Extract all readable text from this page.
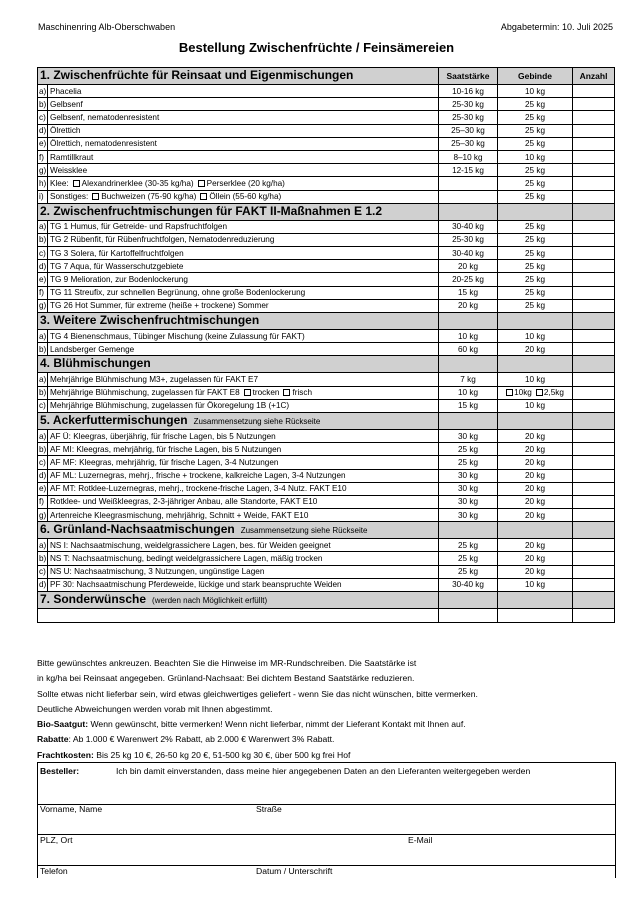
Maschinenring Alb-Oberschwaben	Abgabetermin: 10. Juli 2025
Bestellung Zwischenfrüchte / Feinsämereien
1. Zwischenfrüchte für Reinsaat und Eigenmischungen		Saatstärke	Gebinde	Anzahl
a)	Phacelia	10-16 kg	10 kg	
b)	Gelbsenf	25-30 kg	25 kg	
c)	Gelbsenf, nematodenresistent	25-30 kg	25 kg	
d)	Ölrettich	25–30 kg	25 kg	
e)	Ölrettich, nematodenresistent	25–30 kg	25 kg	
f)	Ramtillkraut	8–10 kg	10 kg	
g)	Weissklee	12-15 kg	25 kg	
h)	Klee: Alexandrinerklee (30-35 kg/ha) Perserklee (20 kg/ha)		25 kg	
i)	Sonstiges: Buchweizen (75-90 kg/ha) Öllein (55-60 kg/ha)		25 kg	
2. Zwischenfruchtmischungen für FAKT II-Maßnahmen E 1.2				
a)	TG 1 Humus, für Getreide- und Rapsfruchtfolgen	30-40 kg	25 kg	
b)	TG 2 Rübenfit, für Rübenfruchtfolgen, Nematodenreduzierung	25-30 kg	25 kg	
c)	TG 3 Solera, für Kartoffelfruchtfolgen	30-40 kg	25 kg	
d)	TG 7 Aqua, für Wasserschutzgebiete	20 kg	25 kg	
e)	TG 9 Melioration, zur Bodenlockerung	20-25 kg	25 kg	
f)	TG 11 Streufix, zur schnellen Begrünung, ohne große Bodenlockerung	15 kg	25 kg	
g)	TG 26 Hot Summer, für extreme (heiße + trockene) Sommer	20 kg	25 kg	
3. Weitere Zwischenfruchtmischungen				
a)	TG 4 Bienenschmaus, Tübinger Mischung (keine Zulassung für FAKT)	10 kg	10 kg	
b)	Landsberger Gemenge	60 kg	20 kg	
4. Blühmischungen				
a)	Mehrjährige Blühmischung M3+, zugelassen für FAKT E7	7 kg	10 kg	
b)	Mehrjährige Blühmischung, zugelassen für FAKT E8 trocken frisch	10 kg	10kg 2,5kg	
c)	Mehrjährige Blühmischung, zugelassen für Ökoregelung 1B (+1C)	15 kg	10 kg	
5. Ackerfuttermischungen Zusammensetzung siehe Rückseite				
a)	AF Ü: Kleegras, überjährig, für frische Lagen, bis 5 Nutzungen	30 kg	20 kg	
b)	AF MI: Kleegras, mehrjährig, für frische Lagen, bis 5 Nutzungen	25 kg	20 kg	
c)	AF MF: Kleegras, mehrjährig, für frische Lagen, 3-4 Nutzungen	25 kg	20 kg	
d)	AF ML: Luzernegras, mehrj., frische + trockene, kalkreiche Lagen, 3-4 Nutzungen	30 kg	20 kg	
e)	AF MT: Rotklee-Luzernegras, mehrj., trockene-frische Lagen, 3-4 Nutz. FAKT E10	30 kg	20 kg	
f)	Rotklee- und Weißkleegras, 2-3-jähriger Anbau, alle Standorte, FAKT E10	30 kg	20 kg	
g)	Artenreiche Kleegrasmischung, mehrjährig, Schnitt + Weide, FAKT E10	30 kg	20 kg	
6. Grünland-Nachsaatmischungen Zusammensetzung siehe Rückseite				
a)	NS I: Nachsaatmischung, weidelgrassichere Lagen, bes. für Weiden geeignet	25 kg	20 kg	
b)	NS T: Nachsaatmischung, bedingt weidelgrassichere Lagen, mäßig trocken	25 kg	20 kg	
c)	NS U: Nachsaatmischung, 3 Nutzungen, ungünstige Lagen	25 kg	20 kg	
d)	PF 30: Nachsaatmischung Pferdeweide, lückige und stark beanspruchte Weiden	30-40 kg	10 kg	
7. Sonderwünsche (werden nach Möglichkeit erfüllt)				

Bitte gewünschtes ankreuzen. Beachten Sie die Hinweise im MR-Rundschreiben. Die Saatstärke ist
in kg/ha bei Reinsaat angegeben. Grünland-Nachsaat: Bei dichtem Bestand Saatstärke reduzieren.
Sollte etwas nicht lieferbar sein, wird etwas gleichwertiges geliefert - wenn Sie das nicht wünschen, bitte vermerken.
Deutliche Abweichungen werden vorab mit Ihnen abgestimmt.
Bio-Saatgut: Wenn gewünscht, bitte vermerken! Wenn nicht lieferbar, nimmt der Lieferant Kontakt mit Ihnen auf.
Rabatte: Ab 1.000 € Warenwert 2% Rabatt, ab 2.000 € Warenwert 3% Rabatt.
Frachtkosten: Bis 25 kg 10 €, 26-50 kg 20 €, 51-500 kg 30 €, über 500 kg frei Hof
Besteller:	Ich bin damit einverstanden, dass meine hier angegebenen Daten an den Lieferanten weitergegeben werden
Vorname, Name	Straße
PLZ, Ort	E-Mail
Telefon	Datum / Unterschrift
